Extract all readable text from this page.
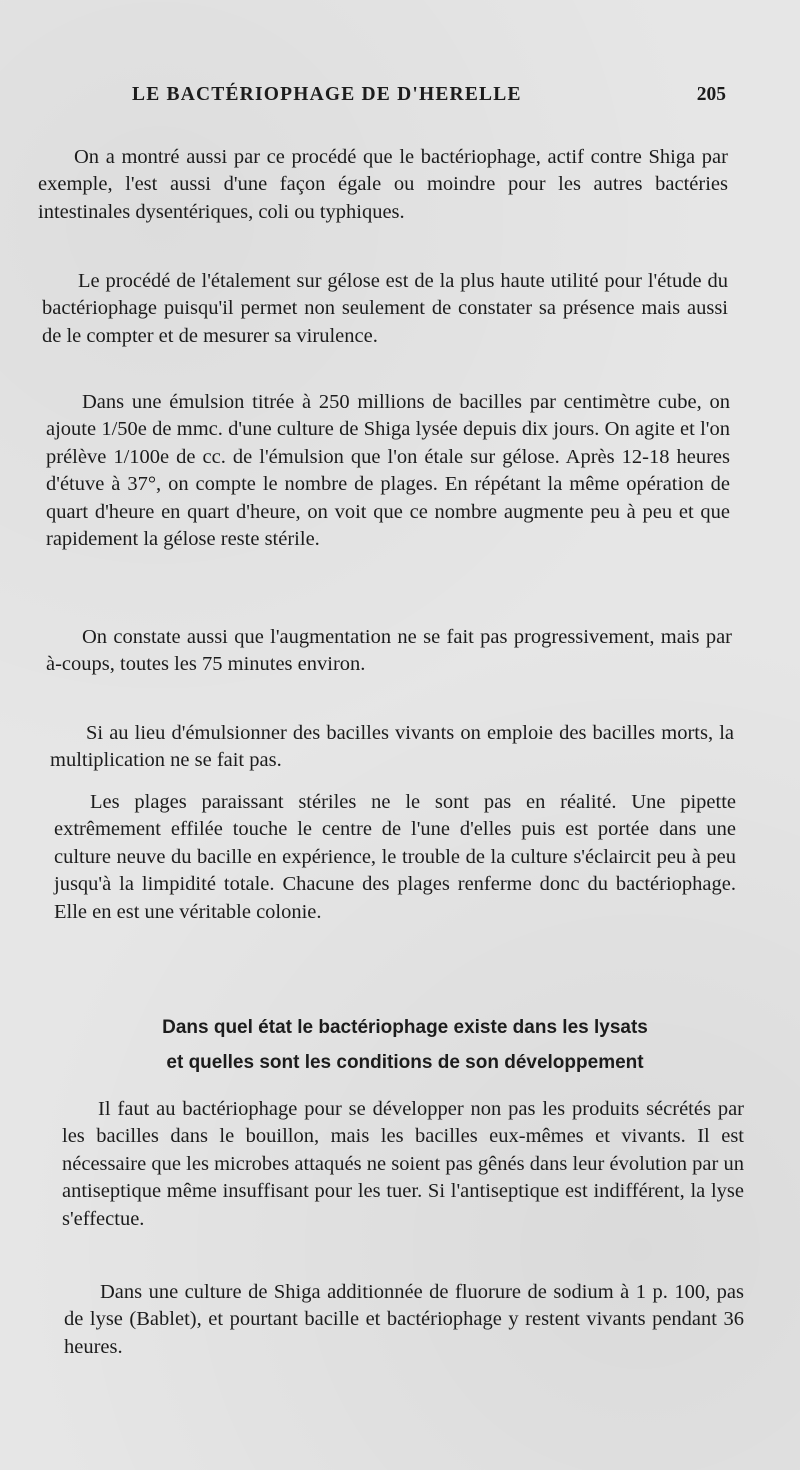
LE BACTÉRIOPHAGE DE D'HERELLE	205

On a montré aussi par ce procédé que le bactériophage, actif contre Shiga par exemple, l'est aussi d'une façon égale ou moindre pour les autres bactéries intestinales dysentériques, coli ou typhiques.

Le procédé de l'étalement sur gélose est de la plus haute utilité pour l'étude du bactériophage puisqu'il permet non seulement de constater sa présence mais aussi de le compter et de mesurer sa virulence.

Dans une émulsion titrée à 250 millions de bacilles par centimètre cube, on ajoute 1/50e de mmc. d'une culture de Shiga lysée depuis dix jours. On agite et l'on prélève 1/100e de cc. de l'émulsion que l'on étale sur gélose. Après 12-18 heures d'étuve à 37°, on compte le nombre de plages. En répétant la même opération de quart d'heure en quart d'heure, on voit que ce nombre augmente peu à peu et que rapidement la gélose reste stérile.

On constate aussi que l'augmentation ne se fait pas progressivement, mais par à-coups, toutes les 75 minutes environ.

Si au lieu d'émulsionner des bacilles vivants on emploie des bacilles morts, la multiplication ne se fait pas.

Les plages paraissant stériles ne le sont pas en réalité. Une pipette extrêmement effilée touche le centre de l'une d'elles puis est portée dans une culture neuve du bacille en expérience, le trouble de la culture s'éclaircit peu à peu jusqu'à la limpidité totale. Chacune des plages renferme donc du bactériophage. Elle en est une véritable colonie.

Dans quel état le bactériophage existe dans les lysats
et quelles sont les conditions de son développement

Il faut au bactériophage pour se développer non pas les produits sécrétés par les bacilles dans le bouillon, mais les bacilles eux-mêmes et vivants. Il est nécessaire que les microbes attaqués ne soient pas gênés dans leur évolution par un antiseptique même insuffisant pour les tuer. Si l'antiseptique est indifférent, la lyse s'effectue.

Dans une culture de Shiga additionnée de fluorure de sodium à 1 p. 100, pas de lyse (Bablet), et pourtant bacille et bactériophage y restent vivants pendant 36 heures.
